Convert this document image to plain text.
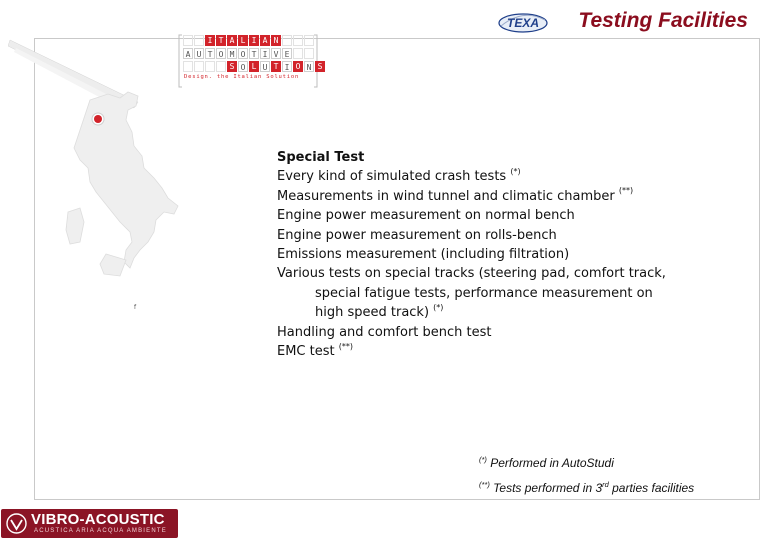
TEXA Testing Facilities
I T A L I A N
A U T O M O T I V E
S O L U T I O N S
Design. the Italian Solution
Special Test
Every kind of simulated crash tests (*)
Measurements in wind tunnel and climatic chamber (**)
Engine power measurement on normal bench
Engine power measurement on rolls-bench
Emissions measurement (including filtration)
Various tests on special tracks (steering pad, comfort track,
special fatigue tests, performance measurement on
high speed track) (*)
Handling and comfort bench test
EMC test (**)
(*) Performed in AutoStudi
(**) Tests performed in 3rd parties facilities
f
VIBRO-ACOUSTIC
ACUSTICA ARIA ACQUA AMBIENTE
